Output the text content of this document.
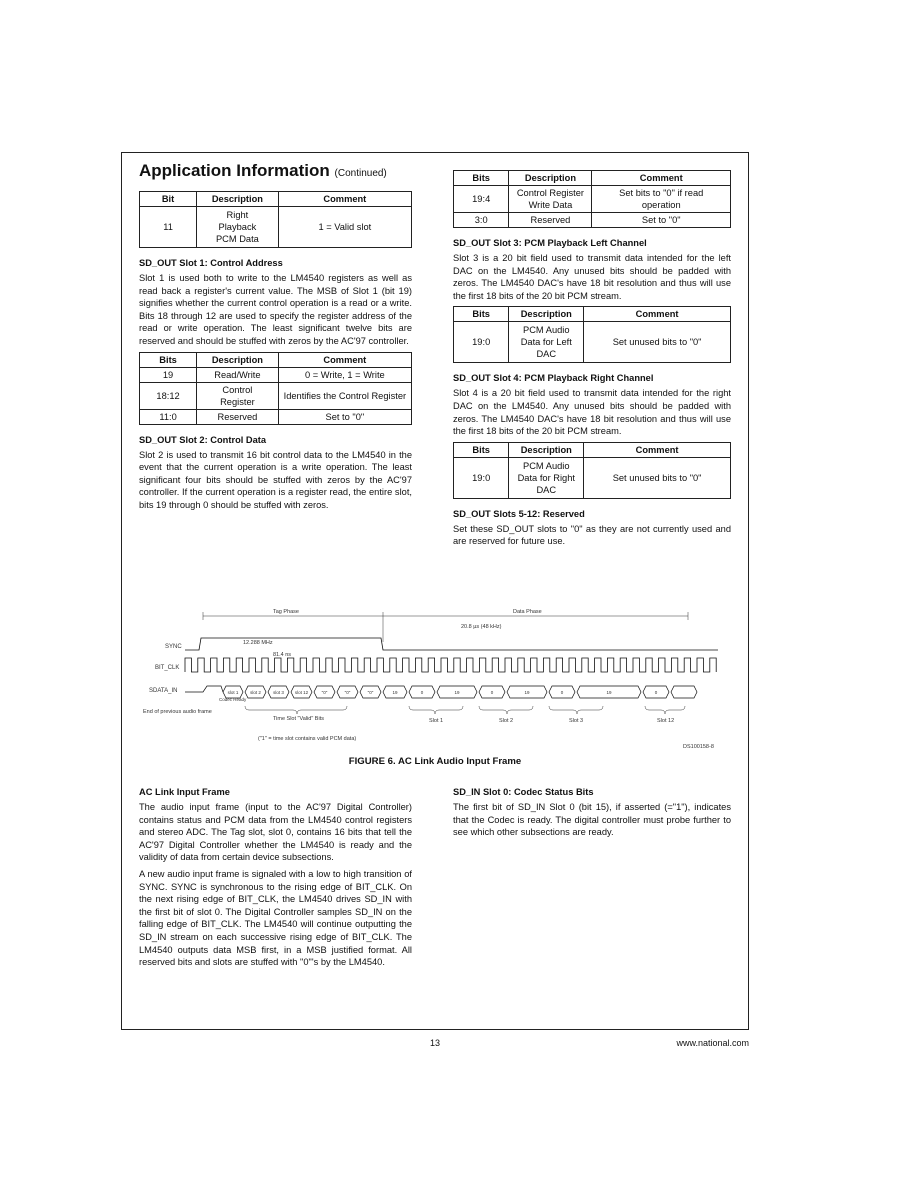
Application Information (Continued)
Bit	Description	Comment
11	Right Playback PCM Data	1 = Valid slot
SD_OUT Slot 1: Control Address

Slot 1 is used both to write to the LM4540 registers as well as read back a register's current value. The MSB of Slot 1 (bit 19) signifies whether the current control operation is a read or a write. Bits 18 through 12 are used to specify the register address of the read or write operation. The least significant twelve bits are reserved and should be stuffed with zeros by the AC'97 controller.

Bits	Description	Comment
19	Read/Write	0 = Write, 1 = Write
18:12	Control Register	Identifies the Control Register
11:0	Reserved	Set to "0"
SD_OUT Slot 2: Control Data

Slot 2 is used to transmit 16 bit control data to the LM4540 in the event that the current operation is a write operation. The least significant four bits should be stuffed with zeros by the AC'97 controller. If the current operation is a register read, the entire slot, bits 19 through 0 should be stuffed with zeros.

Bits	Description	Comment
19:4	Control Register Write Data	Set bits to "0" if read operation
3:0	Reserved	Set to "0"
SD_OUT Slot 3: PCM Playback Left Channel

Slot 3 is a 20 bit field used to transmit data intended for the left DAC on the LM4540. Any unused bits should be padded with zeros. The LM4540 DAC's have 18 bit resolution and thus will use the first 18 bits of the 20 bit PCM stream.

Bits	Description	Comment
19:0	PCM Audio Data for Left DAC	Set unused bits to "0"
SD_OUT Slot 4: PCM Playback Right Channel

Slot 4 is a 20 bit field used to transmit data intended for the right DAC on the LM4540. Any unused bits should be padded with zeros. The LM4540 DAC's have 18 bit resolution and thus will use the first 18 bits of the 20 bit PCM stream.

Bits	Description	Comment
19:0	PCM Audio Data for Right DAC	Set unused bits to "0"
SD_OUT Slots 5-12: Reserved

Set these SD_OUT slots to "0" as they are not currently used and are reserved for future use.

Tag Phase	Data Phase
20.8 µs (48 kHz)
SYNC
BIT_CLK
SDATA_IN
12.288 MHz
81.4 ns
slot 1	slot 2	slot 3 slot 12	"0"	"0"	"0"	19	0	19	0	19	0	19	0
Time Slot "Valid" Bits
("1" = time slot contains valid PCM data)
Slot 1	Slot 2	Slot 3	Slot 12
End of previous audio frame
Codec Ready
DS100158-8
FIGURE 6. AC Link Audio Input Frame
AC Link Input Frame

The audio input frame (input to the AC'97 Digital Controller) contains status and PCM data from the LM4540 control registers and stereo ADC. The Tag slot, slot 0, contains 16 bits that tell the AC'97 Digital Controller whether the LM4540 is ready and the validity of data from certain device subsections.

A new audio input frame is signaled with a low to high transition of SYNC. SYNC is synchronous to the rising edge of BIT_CLK. On the next rising edge of BIT_CLK, the LM4540 drives SD_IN with the first bit of slot 0. The Digital Controller samples SD_IN on the falling edge of BIT_CLK. The LM4540 will continue outputting the SD_IN stream on each successive rising edge of BIT_CLK. The LM4540 outputs data MSB first, in a MSB justified format. All reserved bits and slots are stuffed with "0"'s by the LM4540.

SD_IN Slot 0: Codec Status Bits

The first bit of SD_IN Slot 0 (bit 15), if asserted (="1"), indicates that the Codec is ready. The digital controller must probe further to see which other subsections are ready.

13	www.national.com
